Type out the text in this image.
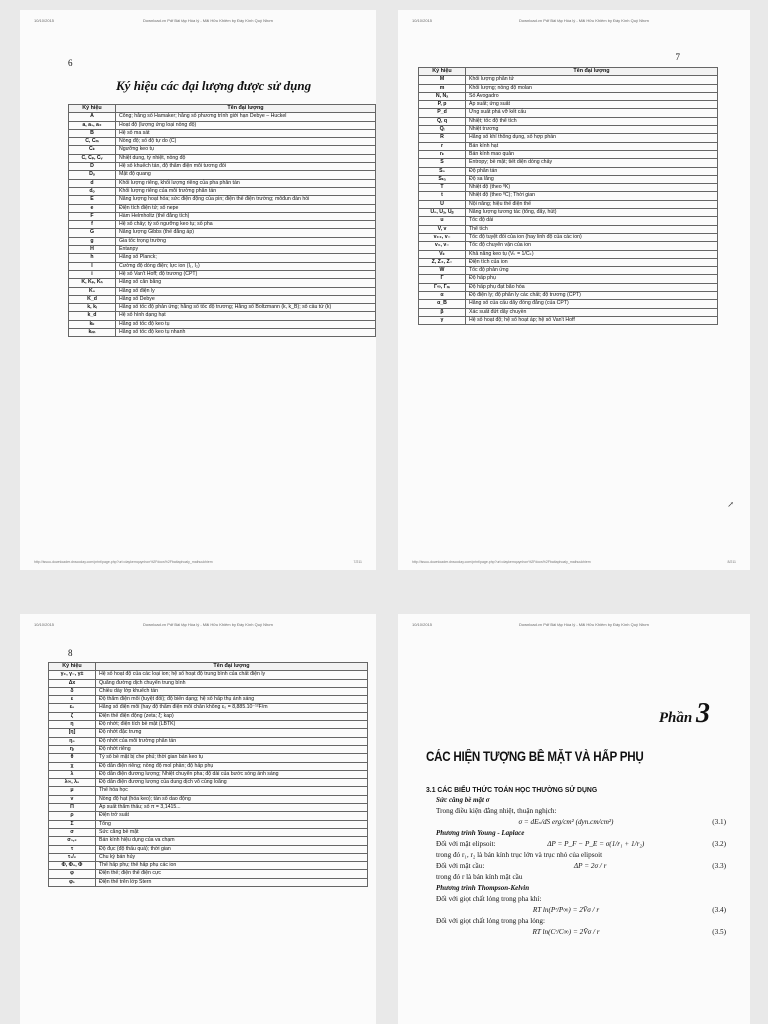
10/10/2015	Download.vn Pdf Bài tập Hóa lý - Mãi Hữu Khiêm by Đáy Kính Quý Nhơn
6
Ký hiệu các đại lượng được sử dụng
Ký hiệu	Tên đại lượng
A	Công; hằng số Hamaker; hằng số phương trình giới hạn Debye – Huckel
a, a₁, a₊	Hoạt độ (lượng ứng loại nồng độ)
B	Hệ số ma sát
C, Cₘ	Nồng độ; số độ tự do (C)
Cₖ	Ngưỡng keo tụ
C, Cₚ, Cᵥ	Nhiệt dung, tỷ nhiệt, nồng độ
D	Hệ số khuếch tán, độ thẩm điện môi tương đối
Dₒ	Mật độ quang
d	Khối lượng riêng, khối lượng riêng của pha phân tán
dₒ	Khối lượng riêng của môi trường phân tán
E	Năng lượng hoạt hóa; sức điện động của pin; điện thế điện trường; môđun đàn hồi
e	Điện tích điện tử; số nepe
F	Hàm Helmholtz (thế đẳng tích)
f	Hệ số chảy; tỷ số ngưỡng keo tụ; số pha
G	Năng lượng Gibbs (thế đẳng áp)
g	Gia tốc trọng trường
H	Entanpy
h	Hằng số Planck;
I	Cường độ dòng điện; lực ion (I₁, I₂)
i	Hệ số Van't Hoff; độ trương (CPT)
K, Kₚ, Kₙ	Hằng số cân bằng
K₀	Hằng số điện ly
K_d	Hằng số Debye
k, kᵢ	Hằng số tốc độ phản ứng; hằng số tốc độ trương; Hằng số Boltzmann (k, k_B); số cầu tử (k)
k_d	Hệ số hình dạng hạt
kₖ	Hằng số tốc độ keo tụ
kₙₕ	Hằng số tốc độ keo tụ nhanh
http://issuu-downloader.dnscoday.com/print/page.php?url=daykemquynhon%2Fdocs%2Fbaitaphoaly_maihuukhiem	7/211
10/10/2015	Download.vn Pdf Bài tập Hóa lý - Mãi Hữu Khiêm by Đáy Kính Quý Nhơn
7
Ký hiệu	Tên đại lượng
M	Khối lượng phân tử
m	Khối lượng; nồng độ molan
N, Nₐ	Số Avogadro
P, p	Áp suất; ứng suất
P_d	Ứng suất phá vỡ kết cấu
Q, q	Nhiệt; tốc độ thể tích
Qᵢ	Nhiệt trương
R	Hằng số khí thông dụng, số hợp phần
r	Bán kính hạt
rₖ	Bán kính mao quản
S	Entropy; bề mặt; tiết diện dòng chảy
S₀	Độ phân tán
Sₛₐ	Độ sa lắng
T	Nhiệt độ (theo ºK)
t	Nhiệt độ (theo ºC); Thời gian
U	Nội năng; hiệu thế điện thế
U₀, Uₐ, Uᵦ	Năng lượng tương tác (tổng, đẩy, hút)
u	Tốc độ dài
V, v	Thể tích
v₊₊, v₋	Tốc độ tuyệt đối của ion (hay linh độ của các ion)
v₊, v₋	Tốc độ chuyển vận của ion
Vₖ	Khả năng keo tụ (Vₖ = 1/Cₖ)
Z, Z₊, Z₋	Điện tích của ion
W	Tốc độ phản ứng
Γ	Độ hấp phụ
Γ∞, Γₘ	Độ hấp phụ đạt bão hòa
α	Độ điện ly; độ phân ly các chất; độ trương (CPT)
α_B	Hằng số của cấu dãy đồng đẳng (của CPT)
β	Xác suất đứt dây chuyền
γ	Hệ số hoạt độ; hệ số hoạt áp; hệ số Van't Hoff
↗
http://issuu-downloader.dnscoday.com/print/page.php?url=daykemquynhon%2Fdocs%2Fbaitaphoaly_maihuukhiem	8/211
10/10/2015	Download.vn Pdf Bài tập Hóa lý - Mãi Hữu Khiêm by Đáy Kính Quý Nhơn
8
Ký hiệu	Tên đại lượng
γ₊, γ₋, γ±	Hệ số hoạt độ của các loại ion; hệ số hoạt độ trung bình của chất điện ly
Δx	Quãng đường dịch chuyển trung bình
δ	Chiều dày lớp khuếch tán
ε	Độ thẩm điện môi (tuyệt đối); độ biến dạng; hệ số hấp thụ ánh sáng
ε₀	Hằng số điện môi (hay độ thẩm điện môi chân không ε₀ = 8,885.10⁻¹²F/m
ζ	Điện thế điện động (zeta; ξ; kap)
η	Độ nhớt; điện tích bề mặt (LBTK)
[η]	Độ nhớt đặc trưng
η₀	Độ nhớt của môi trường phân tán
ηᵣ	Độ nhớt riêng
θ	Tỷ số bề mặt bị che phủ; thời gian bán keo tụ
χ	Độ dẫn điện riêng; nồng độ mol phần; độ hấp phụ
λ	Độ dẫn điện đương lượng; Nhiệt chuyển pha; độ dài của bước sóng ánh sáng
λ∞, λ₀	Độ dẫn điện đương lượng của dung dịch vô cùng loãng
μ	Thế hóa học
ν	Nồng độ hạt (hóa keo); tần số dao động
Π	Áp suất thẩm thấu; số π = 3,1415...
ρ	Điện trở suất
Σ	Tổng
σ	Sức căng bề mặt
σ₁,₂	Bán kính hiệu dụng của va chạm
τ	Độ đục (độ thấu quá); thời gian
τ₁/₂	Chu kỳ bán hủy
Φ, Φ₀, Φ	Thế hấp phụ; thế hấp phụ các ion
φ	Điện thế; điện thế điện cực
φ₁	Điện thế trên lớp Stern
10/10/2015	Download.vn Pdf Bài tập Hóa lý - Mãi Hữu Khiêm by Đáy Kính Quý Nhơn
Phần 3
CÁC HIỆN TƯỢNG BỀ MẶT VÀ HẤP PHỤ
3.1 CÁC BIỂU THỨC TOÁN HỌC THƯỜNG SỬ DỤNG
Sức căng bề mặt σ
Trong điều kiện đẳng nhiệt, thuận nghịch:
σ = dEₛ/dS erg/cm² (dyn.cm/cm²)	(3.1)
Phương trình Young - Laplace
Đối với mặt elipsoit:	ΔP = P_F − P_E = σ(1/r₁ + 1/r₂)	(3.2)
trong đó r₁, r₂ là bán kính trục lớn và trục nhỏ của elipsoit
Đối với mặt cầu:	ΔP = 2σ / r	(3.3)
trong đó r là bán kính mặt cầu
Phương trình Thompson-Kelvin
Đối với giọt chất lỏng trong pha khí:
RT ln(Pʳ/P∞) = 2V̄σ / r	(3.4)
Đối với giọt chất lỏng trong pha lỏng:
RT ln(Cʳ/C∞) = 2V̄σ / r	(3.5)
